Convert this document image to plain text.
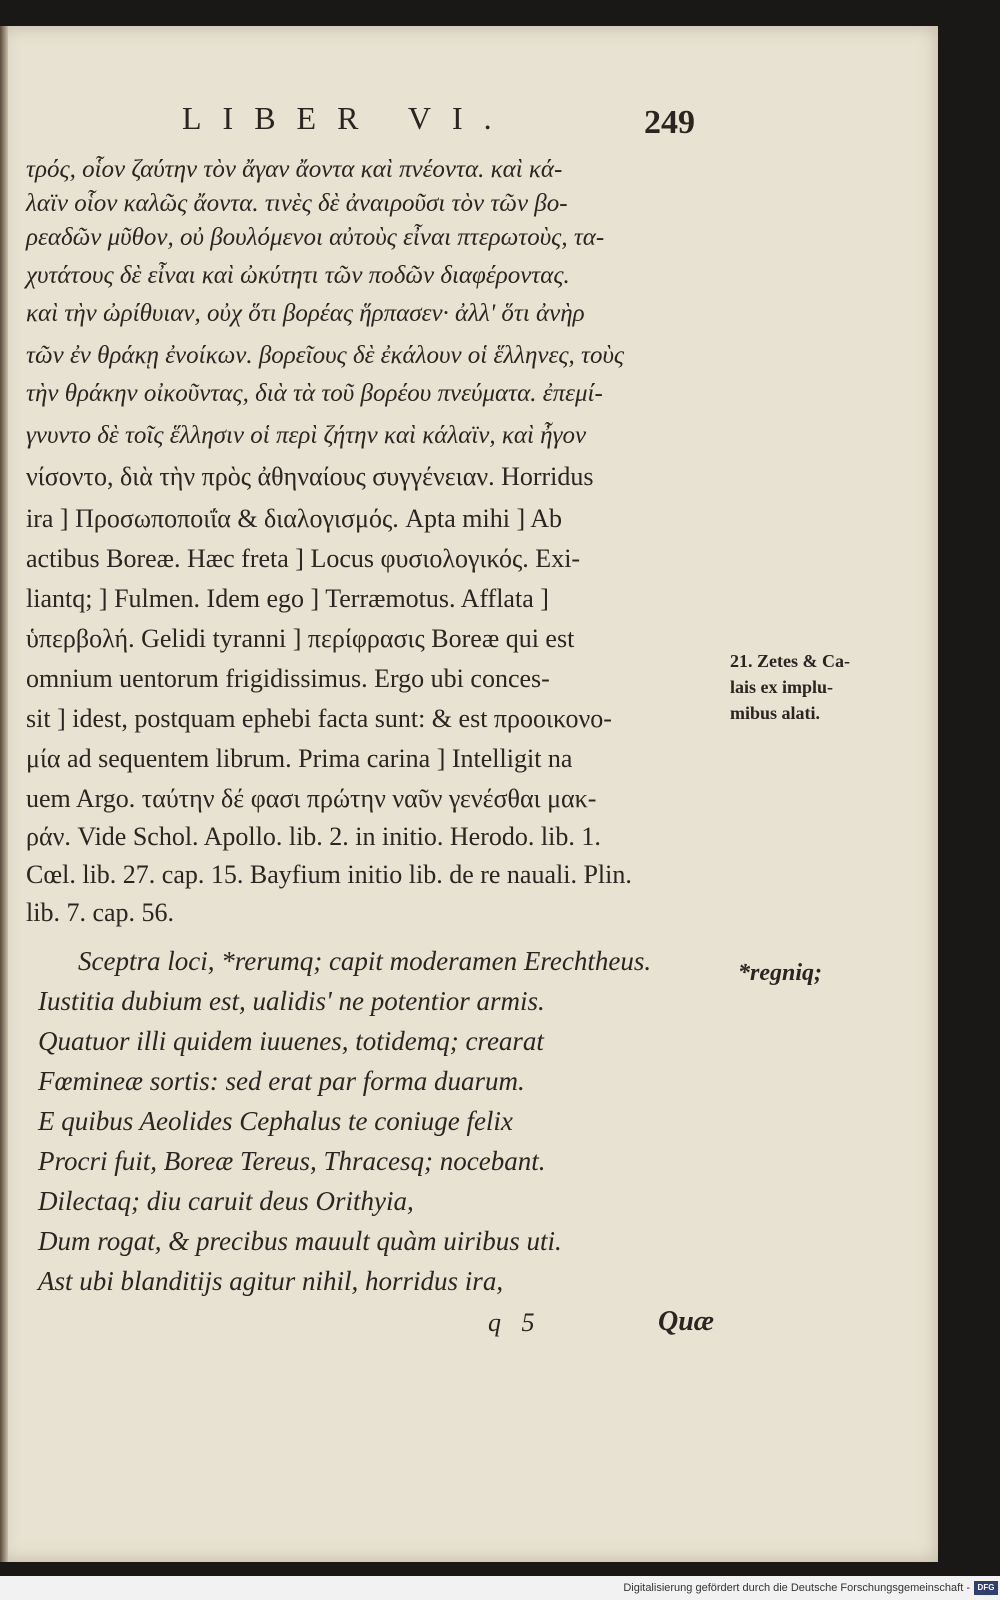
LIBER VI.	249
τρός, οἷον ζαύτην τὸν ἄγαν ἄοντα καὶ πνέοντα. καὶ κά-
λαϊν οἷον καλῶς ἄοντα. τινὲς δὲ ἀναιροῦσι τὸν τῶν βο-
ρεαδῶν μῦθον, οὐ βουλόμενοι αὐτοὺς εἶναι πτερωτοὺς, τα-
χυτάτους δὲ εἶναι καὶ ὠκύτητι τῶν ποδῶν διαφέροντας.
καὶ τὴν ὠρίθυιαν, οὐχ ὅτι βορέας ἥρπασεν· ἀλλ' ὅτι ἀνὴρ
τῶν ἐν θράκῃ ἐνοίκων. βορεῖους δὲ ἐκάλουν οἱ ἕλληνες, τοὺς
τὴν θράκην οἰκοῦντας, διὰ τὰ τοῦ βορέου πνεύματα. ἐπεμί-
γνυντο δὲ τοῖς ἕλλησιν οἱ περὶ ζήτην καὶ κάλαϊν, καὶ ἦγον
νίσοντο, διὰ τὴν πρὸς ἀθηναίους συγγένειαν. Horridus
ira ] Προσωποποιΐα & διαλογισμός. Apta mihi ] Ab
actibus Boreæ. Hæc freta ] Locus φυσιολογικός. Exi-
liantq; ] Fulmen. Idem ego ] Terræmotus. Afflata ]
ὑπερβολή. Gelidi tyranni ] περίφρασις Boreæ qui est
omnium uentorum frigidissimus. Ergo ubi conces-
sit ] idest, postquam ephebi facta sunt: & est προοικονο-
μία ad sequentem librum. Prima carina ] Intelligit na
uem Argo. ταύτην δέ φασι πρώτην ναῦν γενέσθαι μακ-
ράν. Vide Schol. Apollo. lib. 2. in initio. Herodo. lib. 1.
Cœl. lib. 27. cap. 15. Bayfium initio lib. de re nauali. Plin.
lib. 7. cap. 56.
Sceptra loci, *rerumq; capit moderamen Erechtheus.
Iustitia dubium est, ualidis' ne potentior armis.
Quatuor illi quidem iuuenes, totidemq; crearat
Fœmineæ sortis: sed erat par forma duarum.
E quibus Aeolides Cephalus te coniuge felix
Procri fuit, Boreæ Tereus, Thracesq; nocebant.
Dilectaq; diu caruit deus Orithyia,
Dum rogat, & precibus mauult quàm uiribus uti.
Ast ubi blanditijs agitur nihil, horridus ira,
21. Zetes & Ca-
lais ex implu-
mibus alati.
*regniq;
q 5	Quæ
Digitalisierung gefördert durch die Deutsche Forschungsgemeinschaft - DFG
